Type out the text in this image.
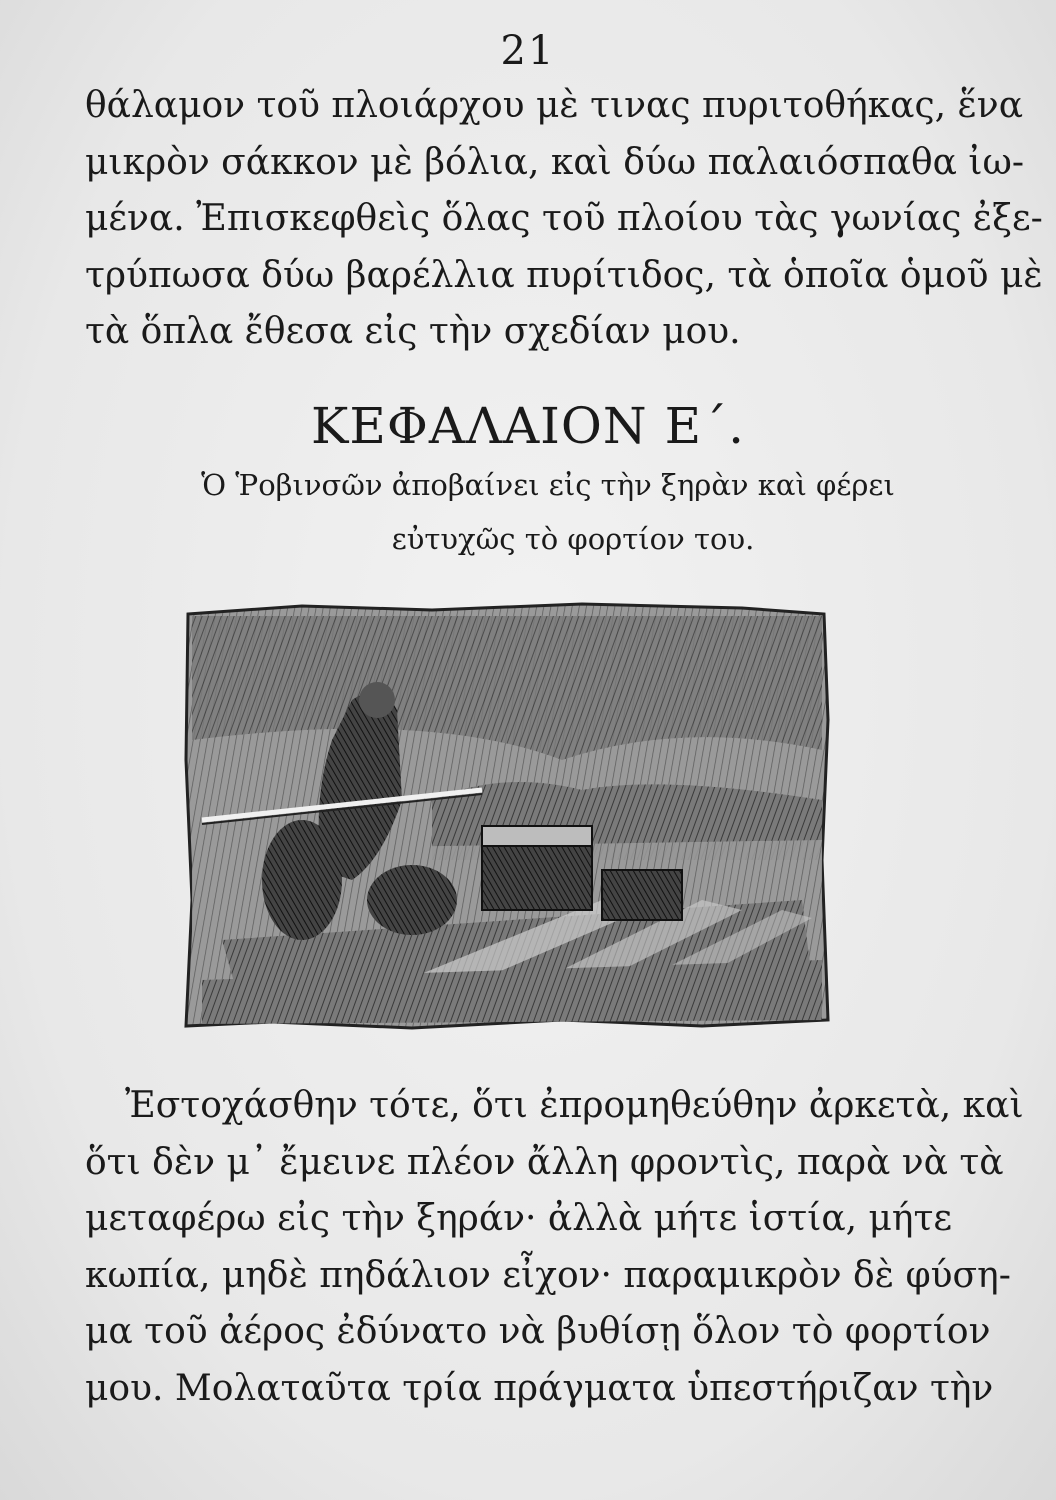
21
θάλαμον τοῦ πλοιάρχου μὲ τινας πυριτοθήκας, ἕνα
μικρὸν σάκκον μὲ βόλια, καὶ δύω παλαιόσπαθα ἰω-
μένα. Ἐπισκεφθεὶς ὅλας τοῦ πλοίου τὰς γωνίας ἐξε-
τρύπωσα δύω βαρέλλια πυρίτιδος, τὰ ὁποῖα ὁμοῦ μὲ
τὰ ὅπλα ἔθεσα εἰς τὴν σχεδίαν μου.
ΚΕΦΑΛΑΙΟΝ Ε΄.
Ὁ Ῥοβινσῶν ἀποβαίνει εἰς τὴν ξηρὰν καὶ φέρει
εὐτυχῶς τὸ φορτίον του.
Ἐστοχάσθην τότε, ὅτι ἐπρομηθεύθην ἀρκετὰ, καὶ
ὅτι δὲν μ᾽ ἔμεινε πλέον ἄλλη φροντὶς, παρὰ νὰ τὰ
μεταφέρω εἰς τὴν ξηράν· ἀλλὰ μήτε ἱστία, μήτε
κωπία, μηδὲ πηδάλιον εἶχον· παραμικρὸν δὲ φύση-
μα τοῦ ἀέρος ἐδύνατο νὰ βυθίσῃ ὅλον τὸ φορτίον
μου. Μολαταῦτα τρία πράγματα ὑπεστήριζαν τὴν
